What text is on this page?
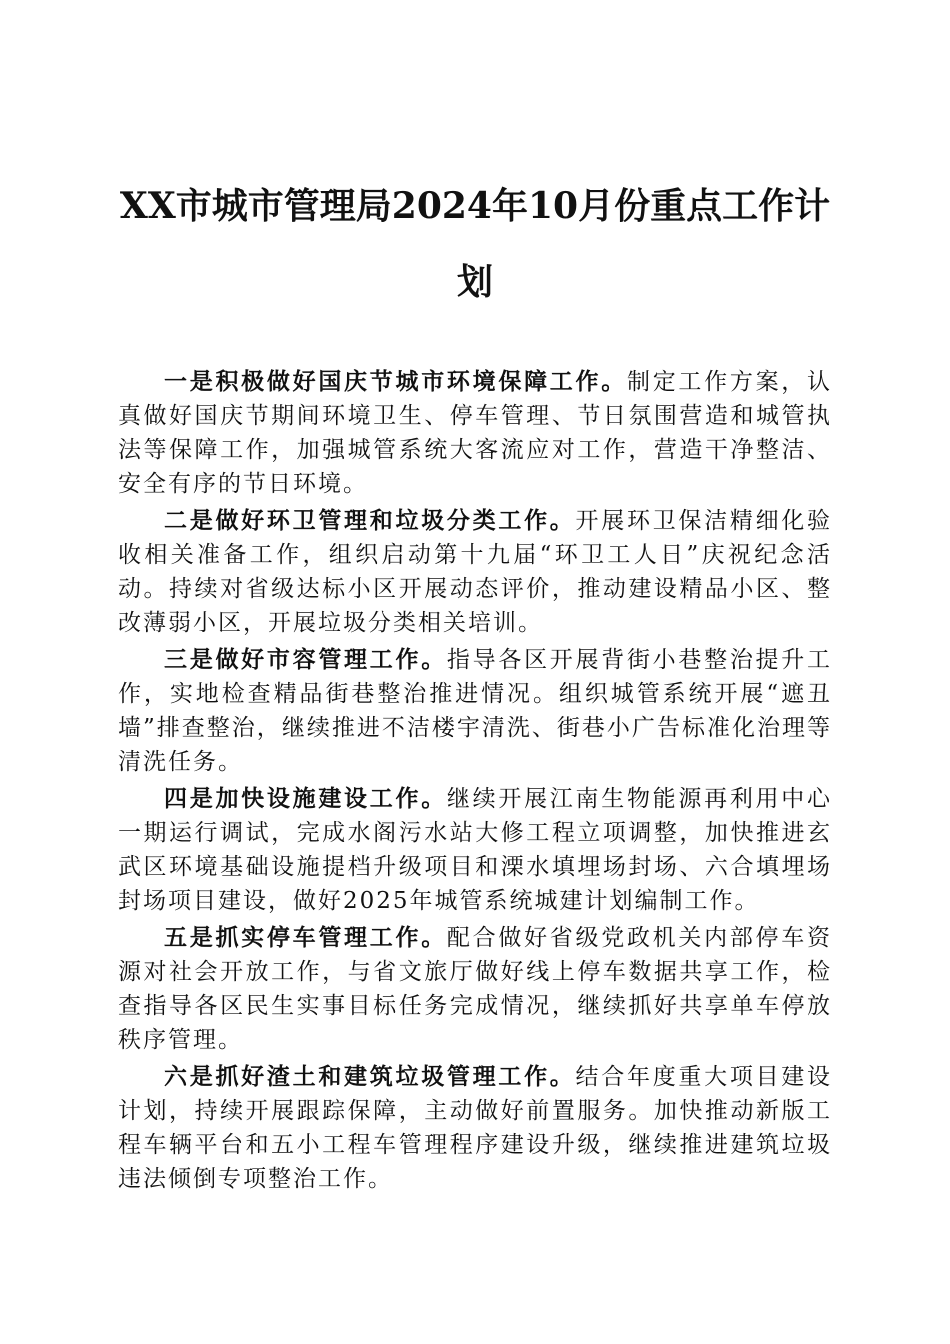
XX市城市管理局2024年10月份重点工作计划

一是积极做好国庆节城市环境保障工作。制定工作方案，认真做好国庆节期间环境卫生、停车管理、节日氛围营造和城管执法等保障工作，加强城管系统大客流应对工作，营造干净整洁、安全有序的节日环境。

二是做好环卫管理和垃圾分类工作。开展环卫保洁精细化验收相关准备工作，组织启动第十九届“环卫工人日”庆祝纪念活动。持续对省级达标小区开展动态评价，推动建设精品小区、整改薄弱小区，开展垃圾分类相关培训。

三是做好市容管理工作。指导各区开展背街小巷整治提升工作，实地检查精品街巷整治推进情况。组织城管系统开展“遮丑墙”排查整治，继续推进不洁楼宇清洗、街巷小广告标准化治理等清洗任务。

四是加快设施建设工作。继续开展江南生物能源再利用中心一期运行调试，完成水阁污水站大修工程立项调整，加快推进玄武区环境基础设施提档升级项目和溧水填埋场封场、六合填埋场封场项目建设，做好2025年城管系统城建计划编制工作。

五是抓实停车管理工作。配合做好省级党政机关内部停车资源对社会开放工作，与省文旅厅做好线上停车数据共享工作，检查指导各区民生实事目标任务完成情况，继续抓好共享单车停放秩序管理。

六是抓好渣土和建筑垃圾管理工作。结合年度重大项目建设计划，持续开展跟踪保障，主动做好前置服务。加快推动新版工程车辆平台和五小工程车管理程序建设升级，继续推进建筑垃圾违法倾倒专项整治工作。
